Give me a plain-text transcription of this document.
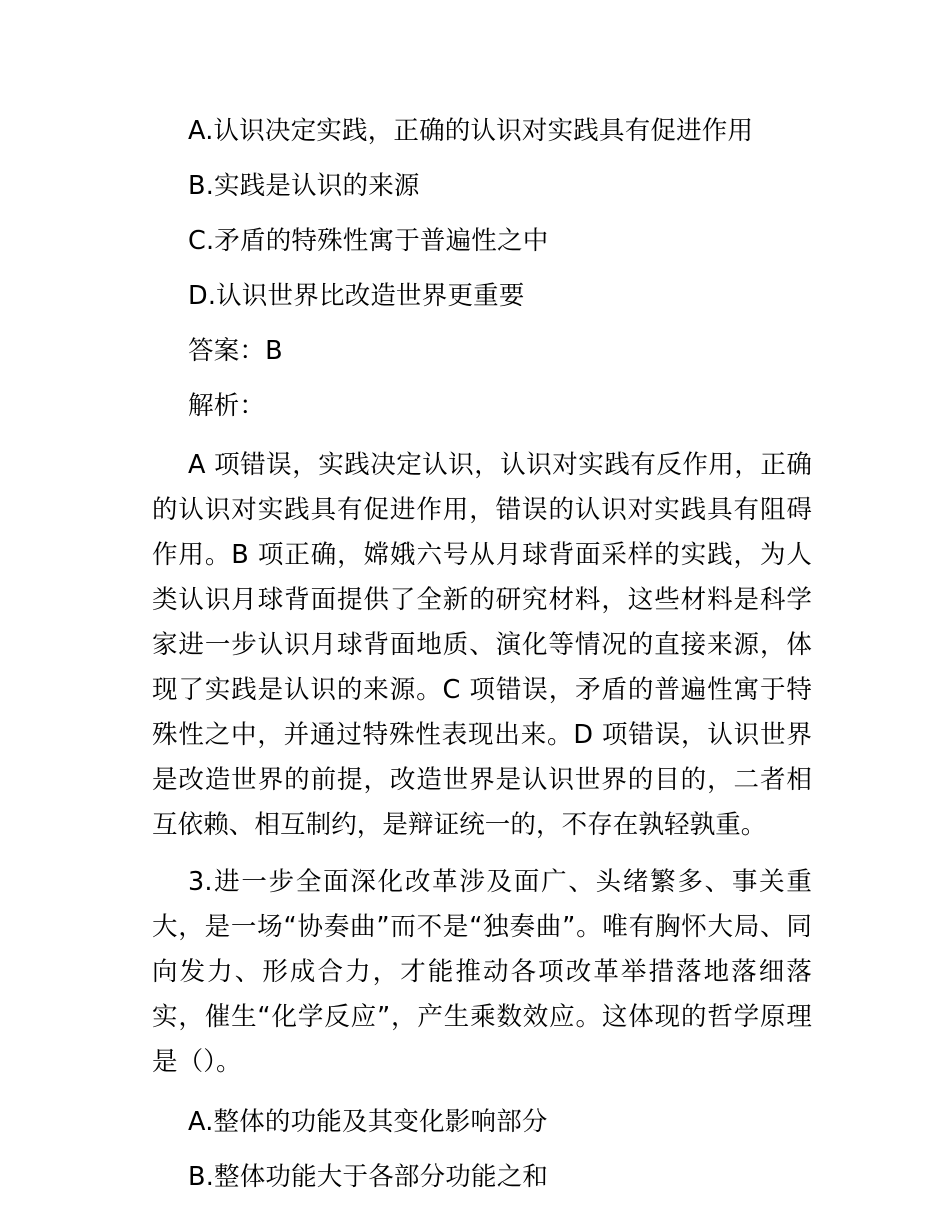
A.认识决定实践，正确的认识对实践具有促进作用
B.实践是认识的来源
C.矛盾的特殊性寓于普遍性之中
D.认识世界比改造世界更重要
答案：B
解析：

A 项错误，实践决定认识，认识对实践有反作用，正确的认识对实践具有促进作用，错误的认识对实践具有阻碍作用。B 项正确，嫦娥六号从月球背面采样的实践，为人类认识月球背面提供了全新的研究材料，这些材料是科学家进一步认识月球背面地质、演化等情况的直接来源，体现了实践是认识的来源。C 项错误，矛盾的普遍性寓于特殊性之中，并通过特殊性表现出来。D 项错误，认识世界是改造世界的前提，改造世界是认识世界的目的，二者相互依赖、相互制约，是辩证统一的，不存在孰轻孰重。

3.进一步全面深化改革涉及面广、头绪繁多、事关重大，是一场“协奏曲”而不是“独奏曲”。唯有胸怀大局、同向发力、形成合力，才能推动各项改革举措落地落细落实，催生“化学反应”，产生乘数效应。这体现的哲学原理是（）。

A.整体的功能及其变化影响部分
B.整体功能大于各部分功能之和
